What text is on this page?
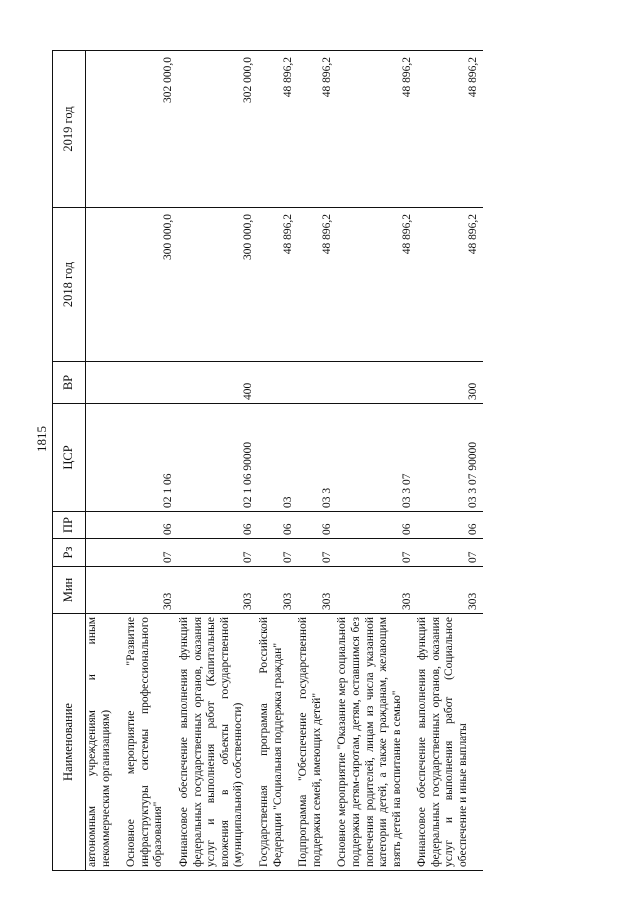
1815
Наименование	Мин	Рз	ПР	ЦСР	ВР	2018 год	2019 год
автономным учреждениям и иным некоммерческим организациям)							
Основное мероприятие "Развитие инфраструктуры системы профессионального образования"	303	07	06	02 1 06		300 000,0	302 000,0
Финансовое обеспечение выполнения функций федеральных государственных органов, оказания услуг и выполнения работ (Капитальные вложения в объекты государственной (муниципальной) собственности)	303	07	06	02 1 06 90000	400	300 000,0	302 000,0
Государственная программа Российской Федерации "Социальная поддержка граждан"	303	07	06	03		48 896,2	48 896,2
Подпрограмма "Обеспечение государственной поддержки семей, имеющих детей"	303	07	06	03 3		48 896,2	48 896,2
Основное мероприятие "Оказание мер социальной поддержки детям-сиротам, детям, оставшимся без попечения родителей, лицам из числа указанной категории детей, а также гражданам, желающим взять детей на воспитание в семью"	303	07	06	03 3 07		48 896,2	48 896,2
Финансовое обеспечение выполнения функций федеральных государственных органов, оказания услуг и выполнения работ (Социальное обеспечение и иные выплаты	303	07	06	03 3 07 90000	300	48 896,2	48 896,2
